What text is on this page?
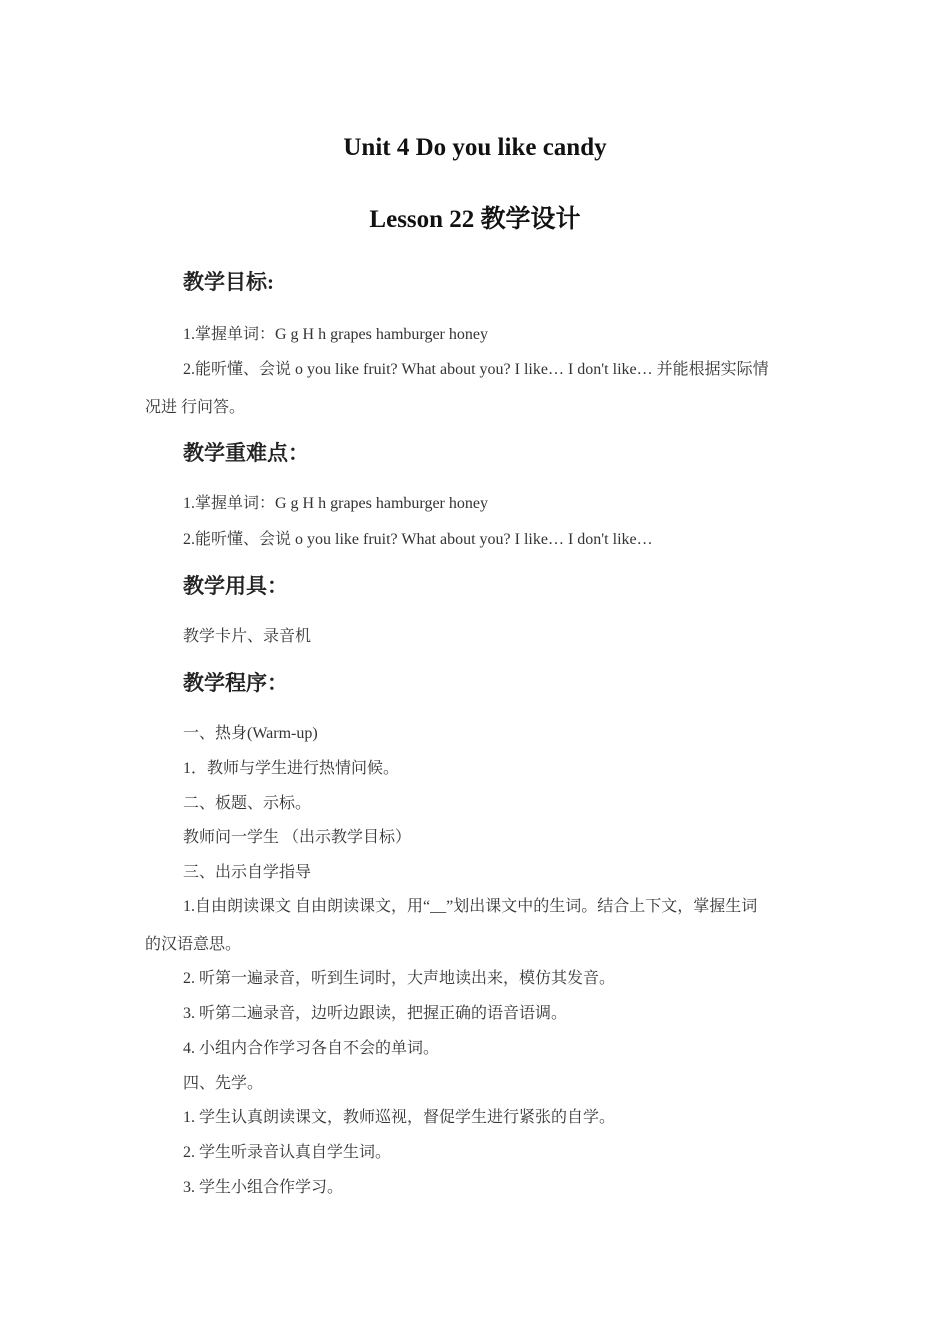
Unit 4 Do you like candy
Lesson 22 教学设计
教学目标:

1.掌握单词：G g H h grapes hamburger honey

2.能听懂、会说 o you like fruit? What about you? I like… I don't like… 并能根据实际情

况进 行问答。

教学重难点：

1.掌握单词：G g H h grapes hamburger honey

2.能听懂、会说 o you like fruit? What about you? I like… I don't like…

教学用具：

教学卡片、录音机

教学程序：

一、热身(Warm-up)

1．教师与学生进行热情问候。

二、板题、示标。

教师问一学生 （出示教学目标）

三、出示自学指导

1.自由朗读课文 自由朗读课文，用“__”划出课文中的生词。结合上下文，掌握生词

的汉语意思。

2. 听第一遍录音，听到生词时，大声地读出来，模仿其发音。

3. 听第二遍录音，边听边跟读，把握正确的语音语调。

4. 小组内合作学习各自不会的单词。

四、先学。

1. 学生认真朗读课文，教师巡视，督促学生进行紧张的自学。

2. 学生听录音认真自学生词。

3. 学生小组合作学习。
